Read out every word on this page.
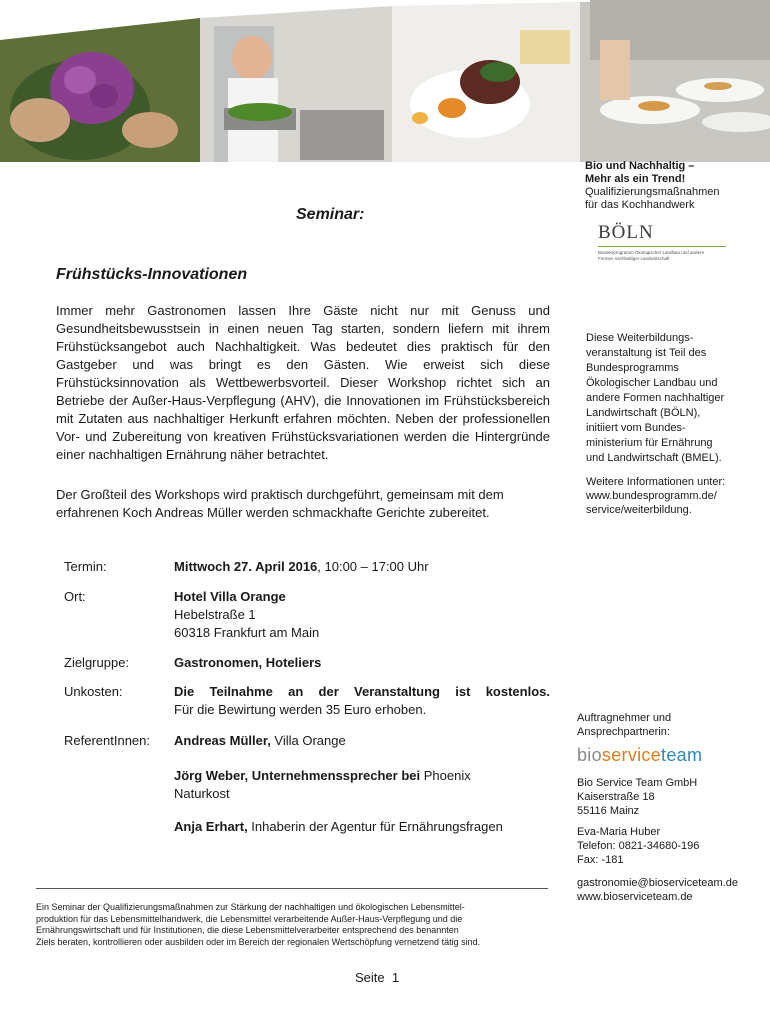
Bio und Nachhaltig –
Mehr als ein Trend!
Qualifizierungsmaßnahmen
für das Kochhandwerk
BÖLN
Bundesprogramm Ökologischer Landbau und andere Formen nachhaltiger Landwirtschaft
Diese Weiterbildungs-
veranstaltung ist Teil des
Bundesprogramms
Ökologischer Landbau und
andere Formen nachhaltiger
Landwirtschaft (BÖLN),
initiiert vom Bundes-
ministerium für Ernährung
und Landwirtschaft (BMEL).
Weitere Informationen unter:
www.bundesprogramm.de/
service/weiterbildung.
Auftragnehmer und
Ansprechpartnerin:
bioserviceteam
Bio Service Team GmbH
Kaiserstraße 18
55116 Mainz
Eva-Maria Huber
Telefon: 0821-34680-196
Fax: -181
gastronomie@bioserviceteam.de
www.bioserviceteam.de
Seminar:
Frühstücks-Innovationen
Immer mehr Gastronomen lassen Ihre Gäste nicht nur mit Genuss und Gesundheitsbewusstsein in einen neuen Tag starten, sondern liefern mit ihrem Frühstücksangebot auch Nachhaltigkeit. Was bedeutet dies praktisch für den Gastgeber und was bringt es den Gästen. Wie erweist sich diese Frühstücksinnovation als Wettbewerbsvorteil. Dieser Workshop richtet sich an Betriebe der Außer-Haus-Verpflegung (AHV), die Innovationen im Frühstücksbereich mit Zutaten aus nachhaltiger Herkunft erfahren möchten. Neben der professionellen Vor- und Zubereitung von kreativen Frühstücksvariationen werden die Hintergründe einer nachhaltigen Ernährung näher betrachtet.
Der Großteil des Workshops wird praktisch durchgeführt, gemeinsam mit dem erfahrenen Koch Andreas Müller werden schmackhafte Gerichte zubereitet.
Termin:	Mittwoch 27. April 2016, 10:00 – 17:00 Uhr
Ort:	Hotel Villa Orange
Hebelstraße 1
60318 Frankfurt am Main
Zielgruppe:	Gastronomen, Hoteliers
Unkosten:	Die Teilnahme an der Veranstaltung ist kostenlos.
Für die Bewirtung werden 35 Euro erhoben.
ReferentInnen: Andreas Müller, Villa Orange
Jörg Weber, Unternehmenssprecher bei Phoenix Naturkost
Anja Erhart, Inhaberin der Agentur für Ernährungsfragen
Ein Seminar der Qualifizierungsmaßnahmen zur Stärkung der nachhaltigen und ökologischen Lebensmittel-
produktion für das Lebensmittelhandwerk, die Lebensmittel verarbeitende Außer-Haus-Verpflegung und die
Ernährungswirtschaft und für Institutionen, die diese Lebensmittelverarbeiter entsprechend des benannten
Ziels beraten, kontrollieren oder ausbilden oder im Bereich der regionalen Wertschöpfung vernetzend tätig sind.
Seite  1
